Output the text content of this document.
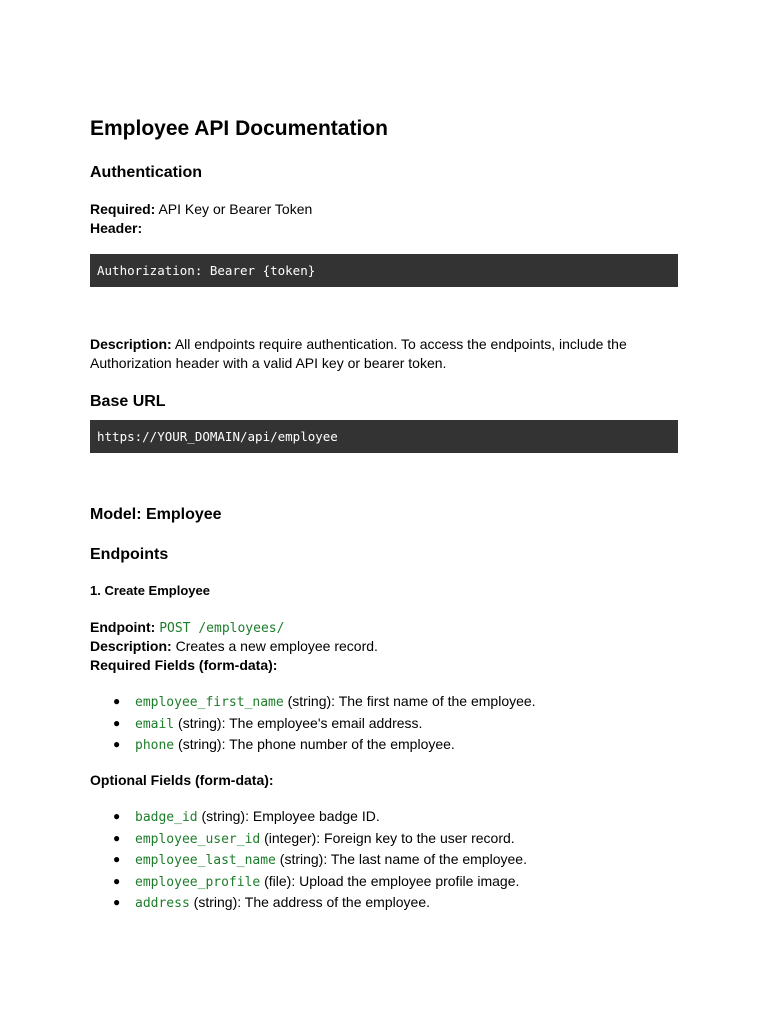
Employee API Documentation
Authentication
Required: API Key or Bearer Token
Header:
Authorization: Bearer {token}
Description: All endpoints require authentication. To access the endpoints, include the Authorization header with a valid API key or bearer token.
Base URL
https://YOUR_DOMAIN/api/employee
Model: Employee
Endpoints
1. Create Employee
Endpoint: POST /employees/
Description: Creates a new employee record.
Required Fields (form-data):
● employee_first_name (string): The first name of the employee.
● email (string): The employee's email address.
● phone (string): The phone number of the employee.
Optional Fields (form-data):
● badge_id (string): Employee badge ID.
● employee_user_id (integer): Foreign key to the user record.
● employee_last_name (string): The last name of the employee.
● employee_profile (file): Upload the employee profile image.
● address (string): The address of the employee.
